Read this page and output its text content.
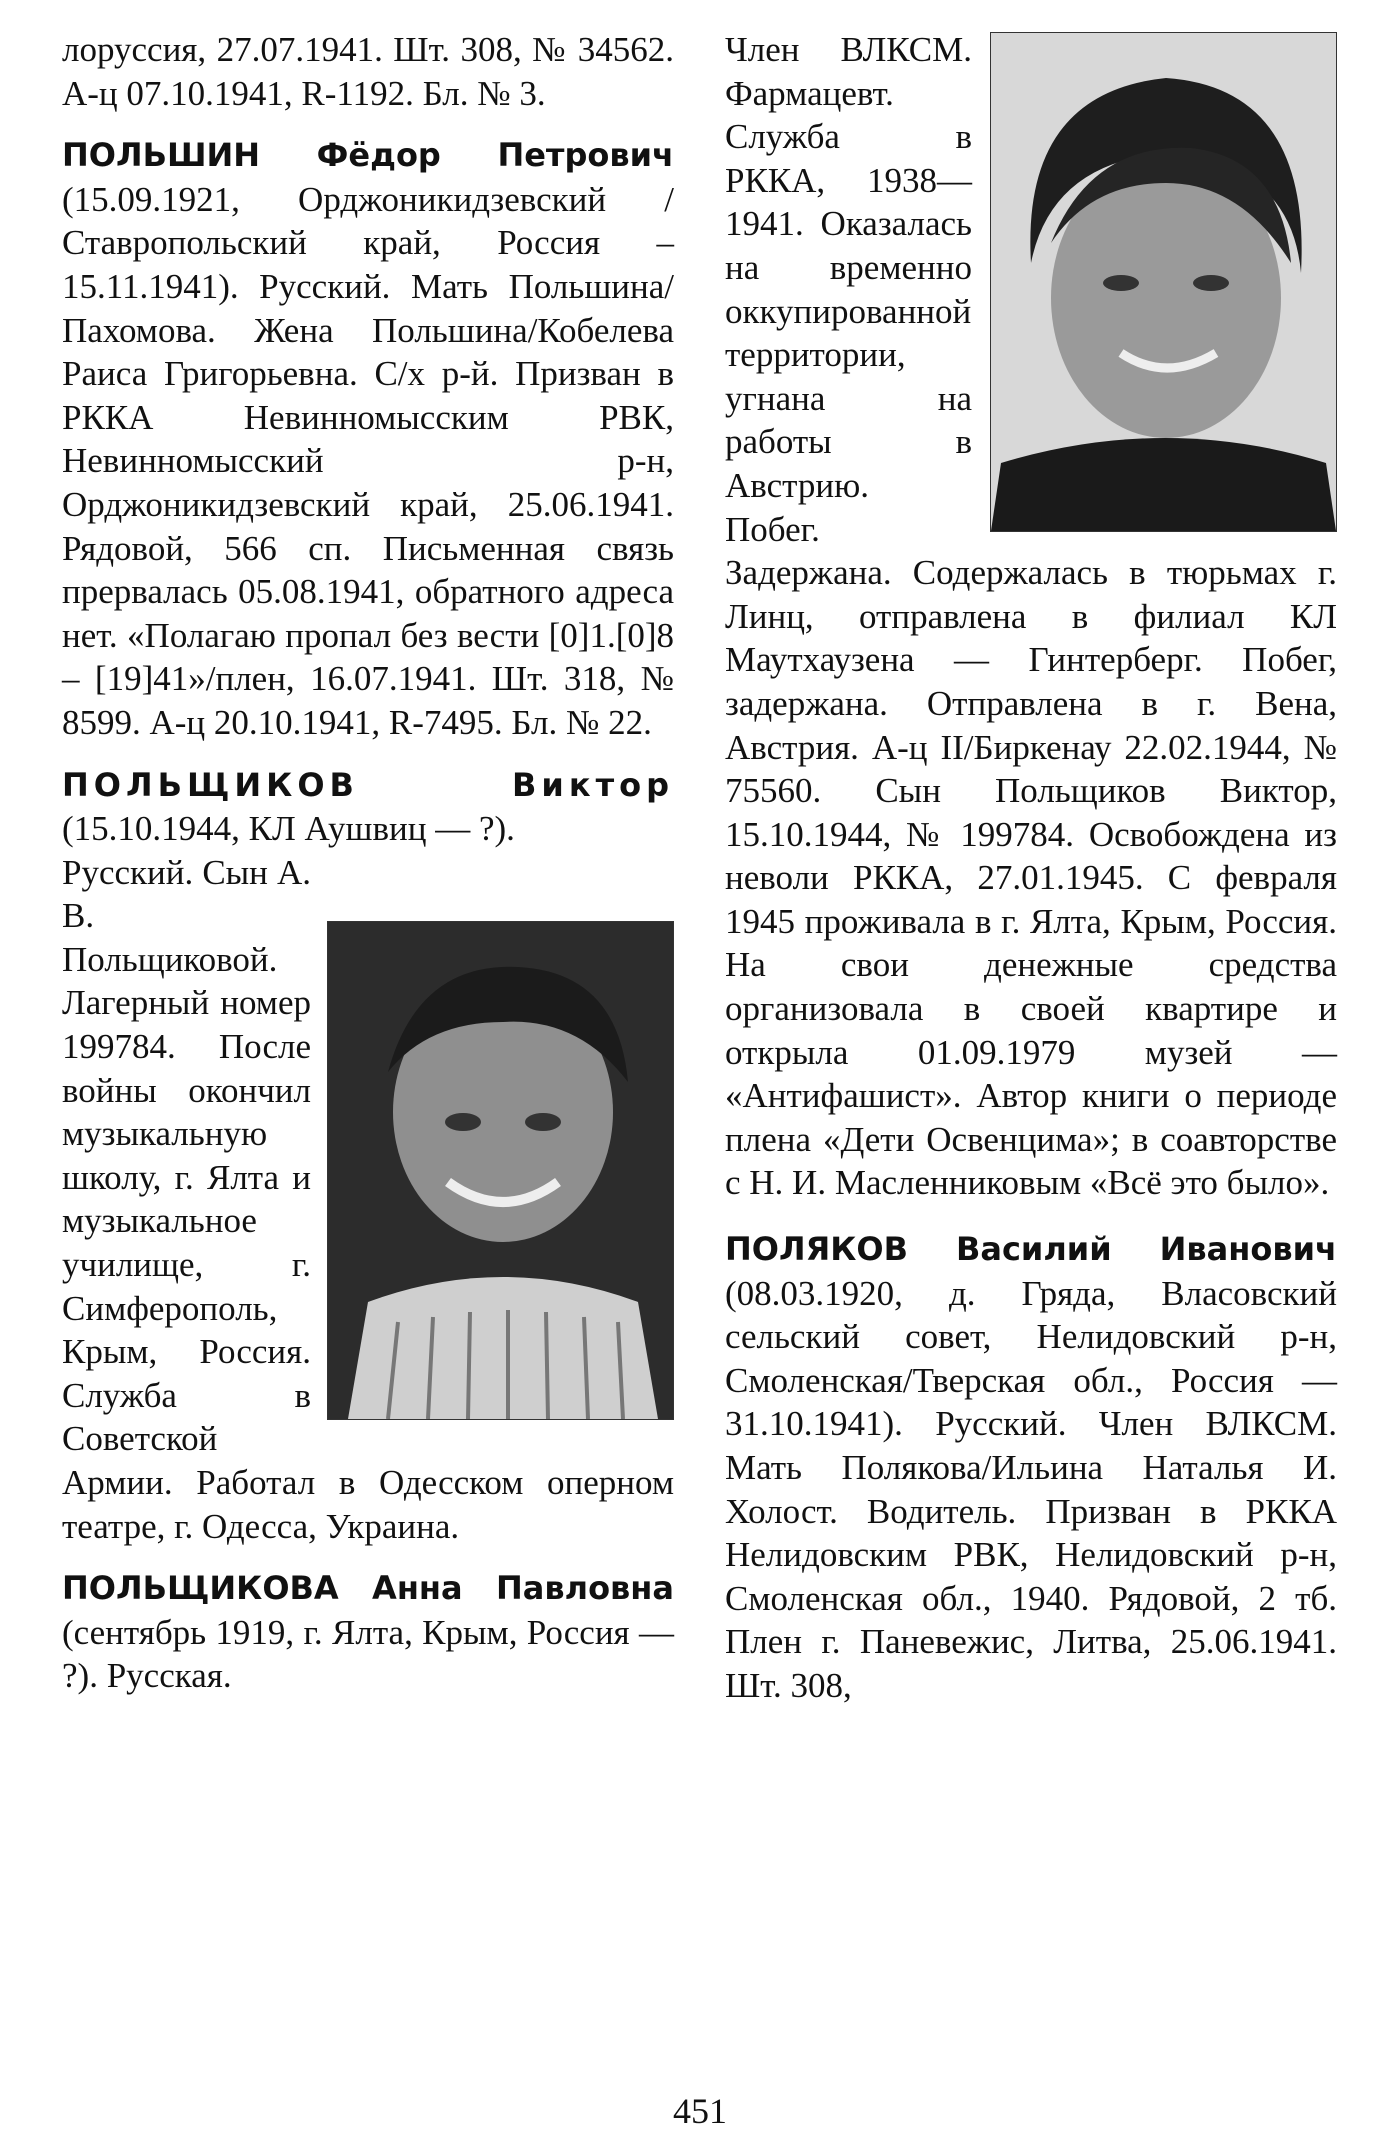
лоруссия, 27.07.1941. Шт. 308, № 34562. А-ц 07.10.1941, R-1192. Бл. № 3.

ПОЛЬШИН Фёдор Петрович (15.09.1921, Орджоникидзевский /Ставропольский край, Россия – 15.11.1941). Русский. Мать Польшина/Пахомова. Жена Польшина/Кобелева Раиса Григорьевна. С/х р-й. Призван в РККА Невинномысским РВК, Невинномысский р-н, Орджоникидзевский край, 25.06.1941. Рядовой, 566 сп. Письменная связь прервалась 05.08.1941, обратного адреса нет. «Полагаю пропал без вести [0]1.[0]8 – [19]41»/плен, 16.07.1941. Шт. 318, № 8599. А-ц 20.10.1941, R-7495. Бл. № 22.

ПОЛЬЩИКОВ Виктор (15.10.1944, КЛ Аушвиц — ?).

Русский. Сын А. В. Польщиковой. Лагерный номер 199784. После войны окончил музыкальную школу, г. Ялта и музыкальное училище, г. Симферополь, Крым, Россия. Служба в Советской Армии. Работал в Одесском оперном театре, г. Одесса, Украина.

ПОЛЬЩИКОВА Анна Павловна (сентябрь 1919, г. Ялта, Крым, Россия — ?). Русская.

Член ВЛКСМ. Фармацевт. Служба в РККА, 1938—1941. Оказалась на временно оккупированной территории, угнана на работы в Австрию. Побег. Задержана. Содержалась в тюрьмах г. Линц, отправлена в филиал КЛ Маутхаузена — Гинтерберг. Побег, задержана. Отправлена в г. Вена, Австрия. А-ц II/Биркенау 22.02.1944, № 75560. Сын Польщиков Виктор, 15.10.1944, № 199784. Освобождена из неволи РККА, 27.01.1945. С февраля 1945 проживала в г. Ялта, Крым, Россия. На свои денежные средства организовала в своей квартире и открыла 01.09.1979 музей — «Антифашист». Автор книги о периоде плена «Дети Освенцима»; в соавторстве с Н. И. Масленниковым «Всё это было».

ПОЛЯКОВ Василий Иванович (08.03.1920, д. Гряда, Власовский сельский совет, Нелидовский р-н, Смоленская/Тверская обл., Россия — 31.10.1941). Русский. Член ВЛКСМ. Мать Полякова/Ильина Наталья И. Холост. Водитель. Призван в РККА Нелидовским РВК, Нелидовский р-н, Смоленская обл., 1940. Рядовой, 2 тб. Плен г. Паневежис, Литва, 25.06.1941. Шт. 308,

451
